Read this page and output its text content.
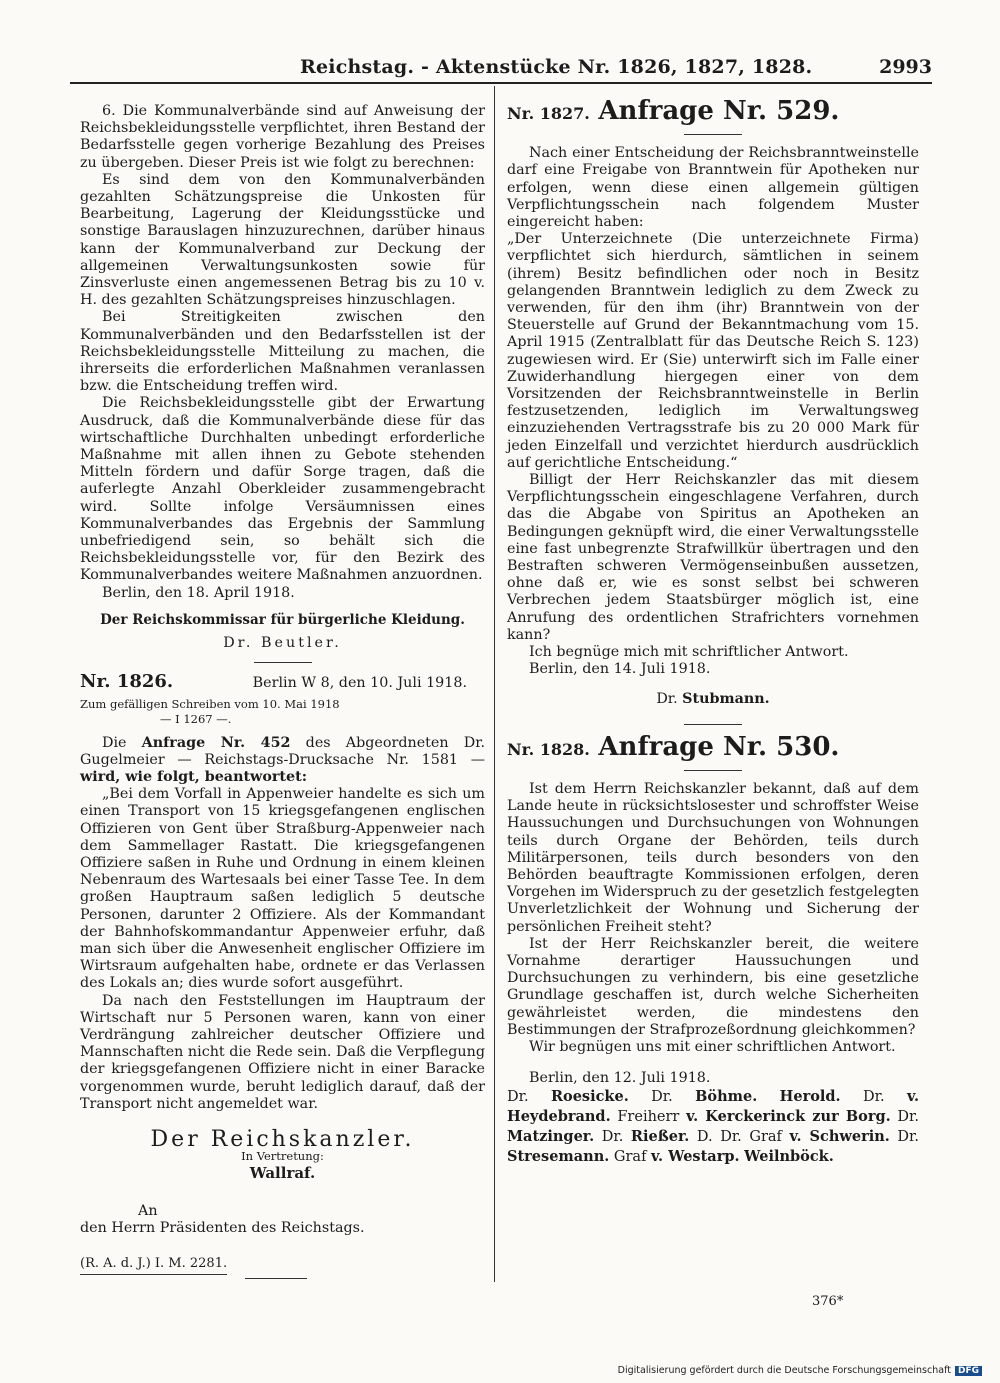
Reichstag. - Aktenstücke Nr. 1826, 1827, 1828.	2993

6. Die Kommunalverbände sind auf Anweisung der Reichsbekleidungsstelle verpflichtet, ihren Bestand der Bedarfsstelle gegen vorherige Bezahlung des Preises zu übergeben. Dieser Preis ist wie folgt zu berechnen:

Es sind dem von den Kommunalverbänden gezahlten Schätzungspreise die Unkosten für Bearbeitung, Lagerung der Kleidungsstücke und sonstige Barauslagen hinzuzurechnen, darüber hinaus kann der Kommunalverband zur Deckung der allgemeinen Verwaltungsunkosten sowie für Zinsverluste einen angemessenen Betrag bis zu 10 v. H. des gezahlten Schätzungspreises hinzuschlagen.

Bei Streitigkeiten zwischen den Kommunalverbänden und den Bedarfsstellen ist der Reichsbekleidungsstelle Mitteilung zu machen, die ihrerseits die erforderlichen Maßnahmen veranlassen bzw. die Entscheidung treffen wird.

Die Reichsbekleidungsstelle gibt der Erwartung Ausdruck, daß die Kommunalverbände diese für das wirtschaftliche Durchhalten unbedingt erforderliche Maßnahme mit allen ihnen zu Gebote stehenden Mitteln fördern und dafür Sorge tragen, daß die auferlegte Anzahl Oberkleider zusammengebracht wird. Sollte infolge Versäumnissen eines Kommunalverbandes das Ergebnis der Sammlung unbefriedigend sein, so behält sich die Reichsbekleidungsstelle vor, für den Bezirk des Kommunalverbandes weitere Maßnahmen anzuordnen.

Berlin, den 18. April 1918.

Der Reichskommissar für bürgerliche Kleidung.
Dr. Beutler.
Nr. 1826.	Berlin W 8, den 10. Juli 1918.
Zum gefälligen Schreiben vom 10. Mai 1918
— I 1267 —.

Die Anfrage Nr. 452 des Abgeordneten Dr. Gugelmeier — Reichstags-Drucksache Nr. 1581 — wird, wie folgt, beantwortet:

„Bei dem Vorfall in Appenweier handelte es sich um einen Transport von 15 kriegsgefangenen englischen Offizieren von Gent über Straßburg-Appenweier nach dem Sammellager Rastatt. Die kriegsgefangenen Offiziere saßen in Ruhe und Ordnung in einem kleinen Nebenraum des Wartesaals bei einer Tasse Tee. In dem großen Hauptraum saßen lediglich 5 deutsche Personen, darunter 2 Offiziere. Als der Kommandant der Bahnhofskommandantur Appenweier erfuhr, daß man sich über die Anwesenheit englischer Offiziere im Wirtsraum aufgehalten habe, ordnete er das Verlassen des Lokals an; dies wurde sofort ausgeführt.

Da nach den Feststellungen im Hauptraum der Wirtschaft nur 5 Personen waren, kann von einer Verdrängung zahlreicher deutscher Offiziere und Mannschaften nicht die Rede sein. Daß die Verpflegung der kriegsgefangenen Offiziere nicht in einer Baracke vorgenommen wurde, beruht lediglich darauf, daß der Transport nicht angemeldet war.

Der Reichskanzler.
In Vertretung:
Wallraf.
An
den Herrn Präsidenten des Reichstags.
(R. A. d. J.) I. M. 2281.
Nr. 1827. Anfrage Nr. 529.

Nach einer Entscheidung der Reichsbranntweinstelle darf eine Freigabe von Branntwein für Apotheken nur erfolgen, wenn diese einen allgemein gültigen Verpflichtungsschein nach folgendem Muster eingereicht haben:

„Der Unterzeichnete (Die unterzeichnete Firma) verpflichtet sich hierdurch, sämtlichen in seinem (ihrem) Besitz befindlichen oder noch in Besitz gelangenden Branntwein lediglich zu dem Zweck zu verwenden, für den ihm (ihr) Branntwein von der Steuerstelle auf Grund der Bekanntmachung vom 15. April 1915 (Zentralblatt für das Deutsche Reich S. 123) zugewiesen wird. Er (Sie) unterwirft sich im Falle einer Zuwiderhandlung hiergegen einer von dem Vorsitzenden der Reichsbranntweinstelle in Berlin festzusetzenden, lediglich im Verwaltungsweg einzuziehenden Vertragsstrafe bis zu 20 000 Mark für jeden Einzelfall und verzichtet hierdurch ausdrücklich auf gerichtliche Entscheidung.“

Billigt der Herr Reichskanzler das mit diesem Verpflichtungsschein eingeschlagene Verfahren, durch das die Abgabe von Spiritus an Apotheken an Bedingungen geknüpft wird, die einer Verwaltungsstelle eine fast unbegrenzte Strafwillkür übertragen und den Bestraften schweren Vermögenseinbußen aussetzen, ohne daß er, wie es sonst selbst bei schweren Verbrechen jedem Staatsbürger möglich ist, eine Anrufung des ordentlichen Strafrichters vornehmen kann?

Ich begnüge mich mit schriftlicher Antwort.

Berlin, den 14. Juli 1918.

Dr. Stubmann.
Nr. 1828. Anfrage Nr. 530.

Ist dem Herrn Reichskanzler bekannt, daß auf dem Lande heute in rücksichtslosester und schroffster Weise Haussuchungen und Durchsuchungen von Wohnungen teils durch Organe der Behörden, teils durch Militärpersonen, teils durch besonders von den Behörden beauftragte Kommissionen erfolgen, deren Vorgehen im Widerspruch zu der gesetzlich festgelegten Unverletzlichkeit der Wohnung und Sicherung der persönlichen Freiheit steht?

Ist der Herr Reichskanzler bereit, die weitere Vornahme derartiger Haussuchungen und Durchsuchungen zu verhindern, bis eine gesetzliche Grundlage geschaffen ist, durch welche Sicherheiten gewährleistet werden, die mindestens den Bestimmungen der Strafprozeßordnung gleichkommen?

Wir begnügen uns mit einer schriftlichen Antwort.

Berlin, den 12. Juli 1918.

Dr. Roesicke. Dr. Böhme. Herold. Dr. v. Heydebrand. Freiherr v. Kerckerinck zur Borg. Dr. Matzinger. Dr. Rießer. D. Dr. Graf v. Schwerin. Dr. Stresemann. Graf v. Westarp. Weilnböck.

376*
Digitalisierung gefördert durch die Deutsche Forschungsgemeinschaft DFG
